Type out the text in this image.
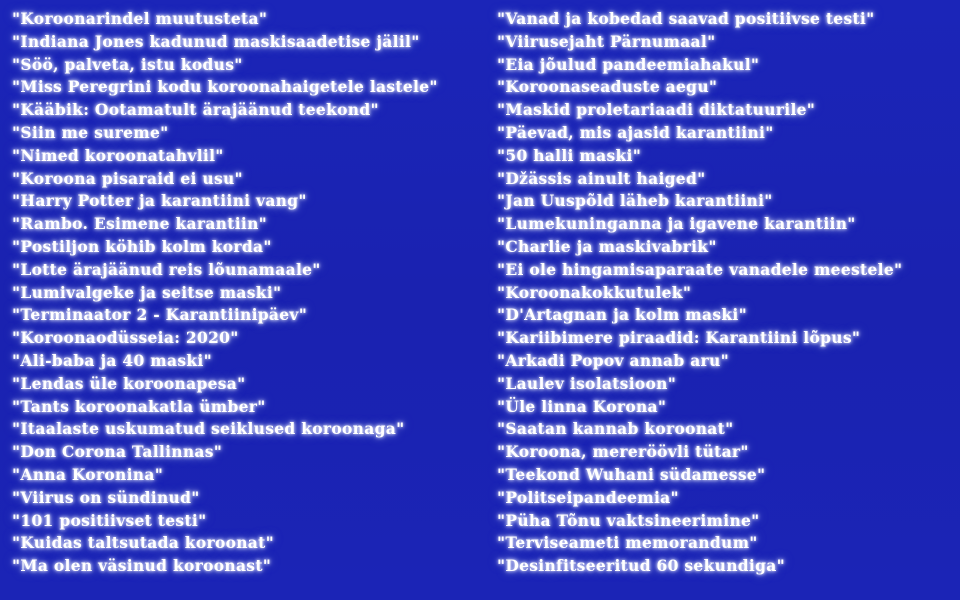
"Koroonarindel muutusteta"
"Indiana Jones kadunud maskisaadetise jälil"
"Söö, palveta, istu kodus"
"Miss Peregrini kodu koroonahaigetele lastele"
"Kääbik: Ootamatult ärajäänud teekond"
"Siin me sureme"
"Nimed koroonatahvlil"
"Koroona pisaraid ei usu"
"Harry Potter ja karantiini vang"
"Rambo. Esimene karantiin"
"Postiljon köhib kolm korda"
"Lotte ärajäänud reis lõunamaale"
"Lumivalgeke ja seitse maski"
"Terminaator 2 - Karantiinipäev"
"Koroonaodüsseia: 2020"
"Ali-baba ja 40 maski"
"Lendas üle koroonapesa"
"Tants koroonakatla ümber"
"Itaalaste uskumatud seiklused koroonaga"
"Don Corona Tallinnas"
"Anna Koronina"
"Viirus on sündinud"
"101 positiivset testi"
"Kuidas taltsutada koroonat"
"Ma olen väsinud koroonast"
"Vanad ja kobedad saavad positiivse testi"
"Viirusejaht Pärnumaal"
"Eia jõulud pandeemiahakul"
"Koroonaseaduste aegu"
"Maskid proletariaadi diktatuurile"
"Päevad, mis ajasid karantiini"
"50 halli maski"
"Džässis ainult haiged"
"Jan Uuspõld läheb karantiini"
"Lumekuninganna ja igavene karantiin"
"Charlie ja maskivabrik"
"Ei ole hingamisaparaate vanadele meestele"
"Koroonakokkutulek"
"D'Artagnan ja kolm maski"
"Kariibimere piraadid: Karantiini lõpus"
"Arkadi Popov annab aru"
"Laulev isolatsioon"
"Üle linna Korona"
"Saatan kannab koroonat"
"Koroona, mereröövli tütar"
"Teekond Wuhani südamesse"
"Politseipandeemia"
"Püha Tõnu vaktsineerimine"
"Terviseameti memorandum"
"Desinfitseeritud 60 sekundiga"
